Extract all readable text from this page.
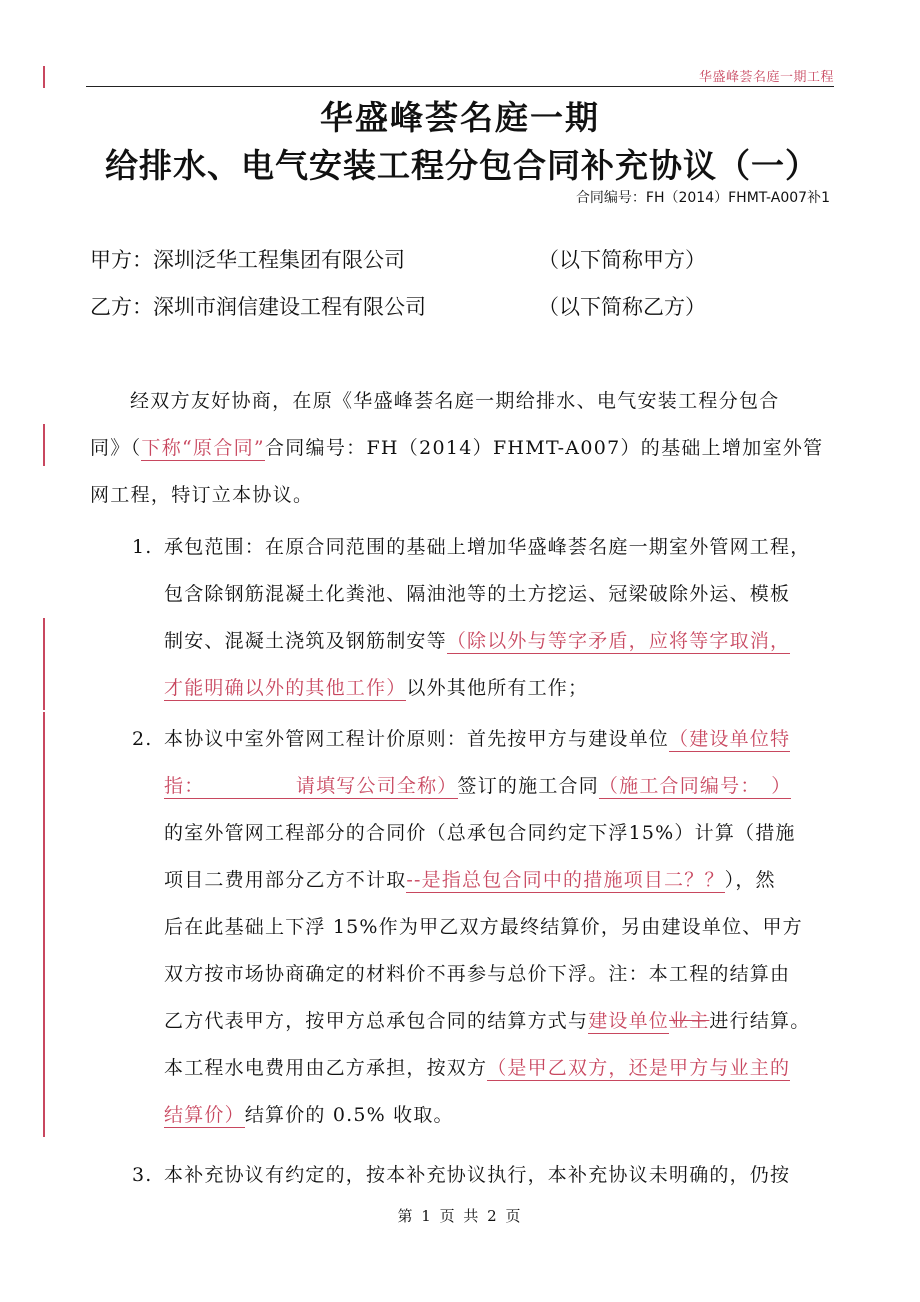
华盛峰荟名庭一期工程
华盛峰荟名庭一期
给排水、电气安装工程分包合同补充协议（一）
合同编号：FH（2014）FHMT-A007补1
甲方：深圳泛华工程集团有限公司	（以下简称甲方）
乙方：深圳市润信建设工程有限公司	（以下简称乙方）
经双方友好协商，在原《华盛峰荟名庭一期给排水、电气安装工程分包合
同》（下称“原合同”合同编号：FH（2014）FHMT-A007）的基础上增加室外管
网工程，特订立本协议。
1. 承包范围：在原合同范围的基础上增加华盛峰荟名庭一期室外管网工程，
包含除钢筋混凝土化粪池、隔油池等的土方挖运、冠梁破除外运、模板
制安、混凝土浇筑及钢筋制安等（除以外与等字矛盾，应将等字取消，
才能明确以外的其他工作）以外其他所有工作；
2. 本协议中室外管网工程计价原则：首先按甲方与建设单位（建设单位特
指：　　　　　请填写公司全称）签订的施工合同（施工合同编号：　）
的室外管网工程部分的合同价（总承包合同约定下浮15%）计算（措施
项目二费用部分乙方不计取--是指总包合同中的措施项目二？？），然
后在此基础上下浮 15%作为甲乙双方最终结算价，另由建设单位、甲方
双方按市场协商确定的材料价不再参与总价下浮。注：本工程的结算由
乙方代表甲方，按甲方总承包合同的结算方式与建设单位业主进行结算。
本工程水电费用由乙方承担，按双方（是甲乙双方，还是甲方与业主的
结算价）结算价的 0.5% 收取。
3. 本补充协议有约定的，按本补充协议执行，本补充协议未明确的，仍按
第 1 页 共 2 页
